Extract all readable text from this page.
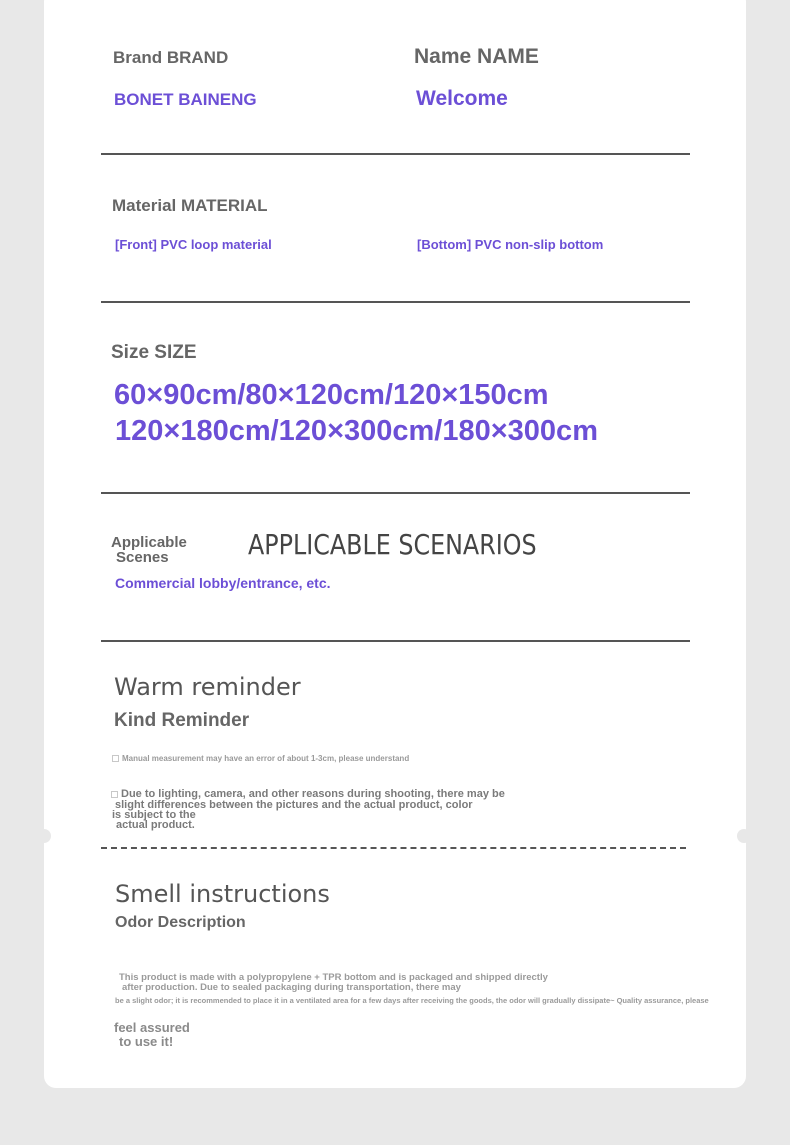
Brand BRAND
BONET BAINENG
Name NAME
Welcome
Material MATERIAL
[Front] PVC loop material	[Bottom] PVC non-slip bottom
Size SIZE
60×90cm/80×120cm/120×150cm
120×180cm/120×300cm/180×300cm
Applicable
Scenes	APPLICABLE SCENARIOS
Commercial lobby/entrance, etc.
Warm reminder
Kind Reminder
Manual measurement may have an error of about 1-3cm, please understand
Due to lighting, camera, and other reasons during shooting, there may be
slight differences between the pictures and the actual product, color
is subject to the
actual product.
Smell instructions
Odor Description
This product is made with a polypropylene + TPR bottom and is packaged and shipped directly
after production. Due to sealed packaging during transportation, there may
be a slight odor; it is recommended to place it in a ventilated area for a few days after receiving the goods, the odor will gradually dissipate~ Quality assurance, please
feel assured
to use it!
